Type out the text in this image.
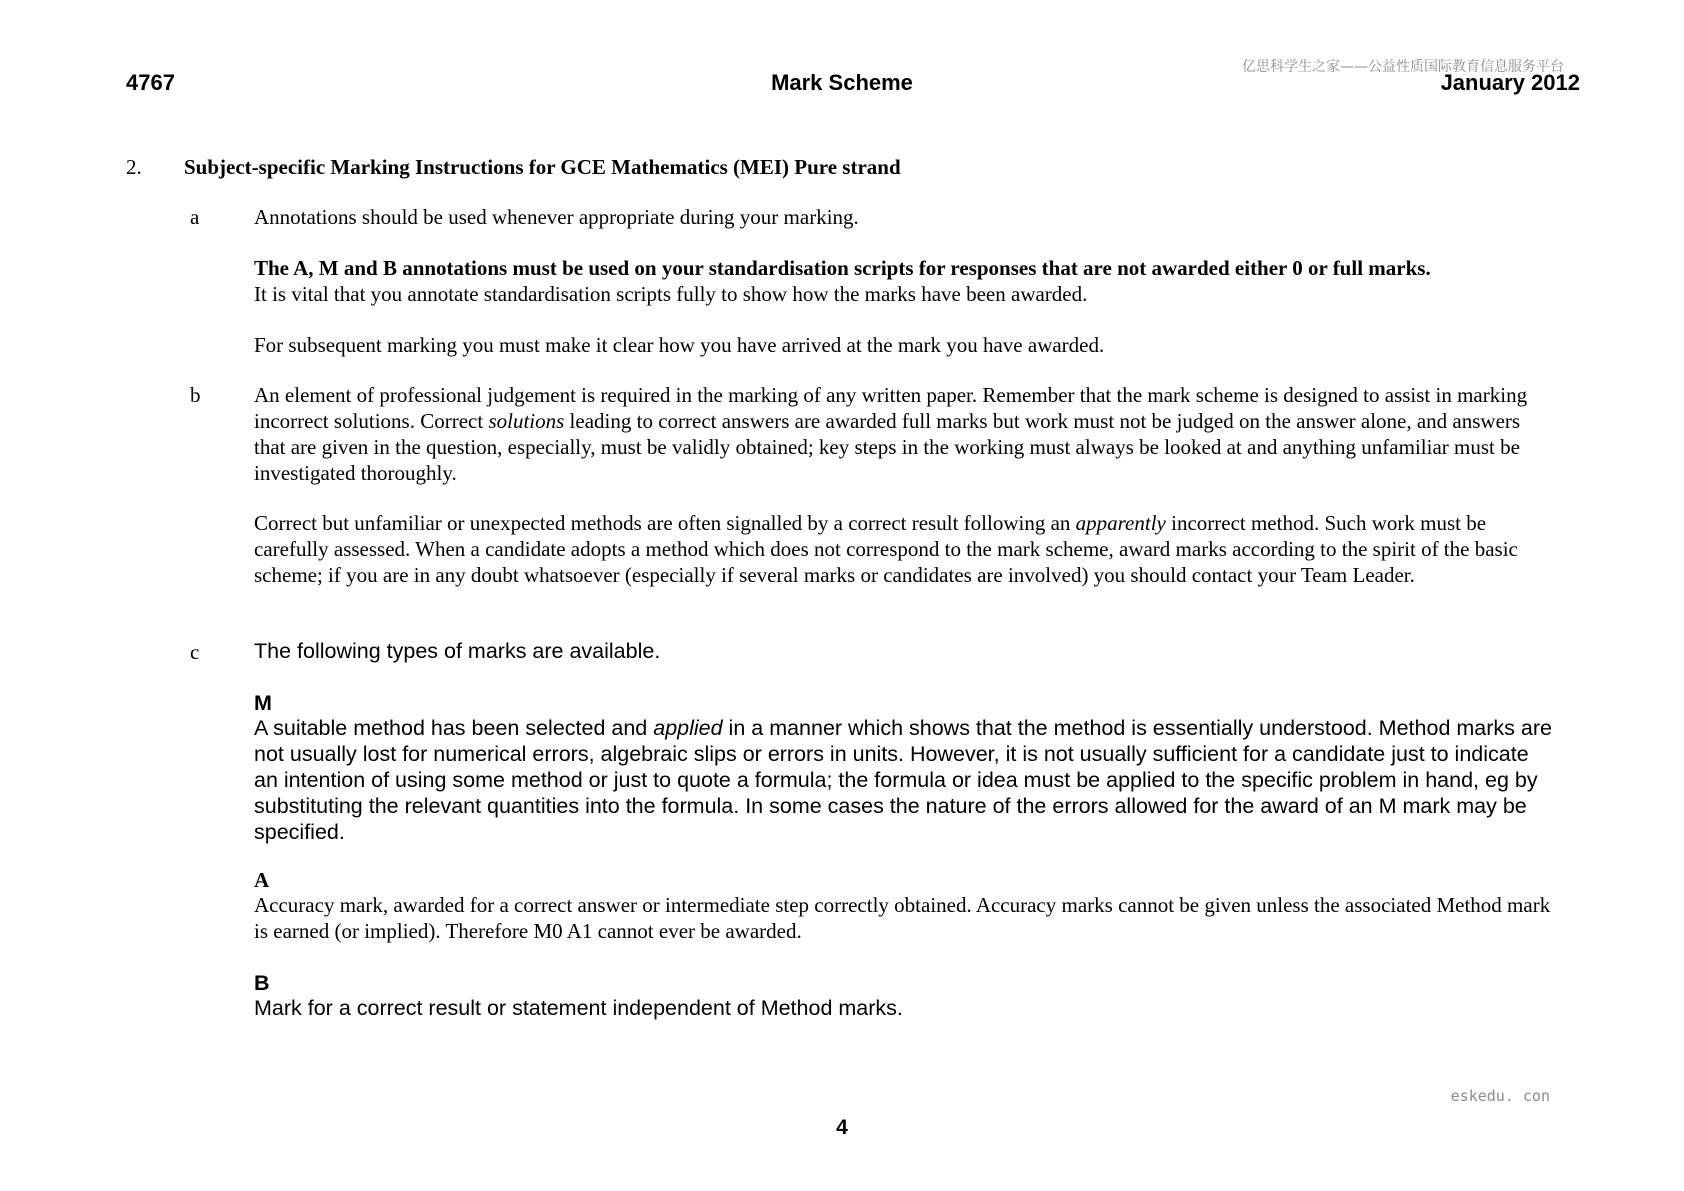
4767	Mark Scheme	January 2012
亿思科学生之家——公益性质国际教育信息服务平台
2. Subject-specific Marking Instructions for GCE Mathematics (MEI) Pure strand
a	Annotations should be used whenever appropriate during your marking.

The A, M and B annotations must be used on your standardisation scripts for responses that are not awarded either 0 or full marks.
It is vital that you annotate standardisation scripts fully to show how the marks have been awarded.

For subsequent marking you must make it clear how you have arrived at the mark you have awarded.

b	An element of professional judgement is required in the marking of any written paper. Remember that the mark scheme is designed to assist in marking incorrect solutions. Correct solutions leading to correct answers are awarded full marks but work must not be judged on the answer alone, and answers that are given in the question, especially, must be validly obtained; key steps in the working must always be looked at and anything unfamiliar must be investigated thoroughly.

Correct but unfamiliar or unexpected methods are often signalled by a correct result following an apparently incorrect method. Such work must be carefully assessed. When a candidate adopts a method which does not correspond to the mark scheme, award marks according to the spirit of the basic scheme; if you are in any doubt whatsoever (especially if several marks or candidates are involved) you should contact your Team Leader.

c	The following types of marks are available.

M

A suitable method has been selected and applied in a manner which shows that the method is essentially understood. Method marks are not usually lost for numerical errors, algebraic slips or errors in units. However, it is not usually sufficient for a candidate just to indicate an intention of using some method or just to quote a formula; the formula or idea must be applied to the specific problem in hand, eg by substituting the relevant quantities into the formula. In some cases the nature of the errors allowed for the award of an M mark may be specified.

A

Accuracy mark, awarded for a correct answer or intermediate step correctly obtained. Accuracy marks cannot be given unless the associated Method mark is earned (or implied). Therefore M0 A1 cannot ever be awarded.

B

Mark for a correct result or statement independent of Method marks.

eskedu. con
4
